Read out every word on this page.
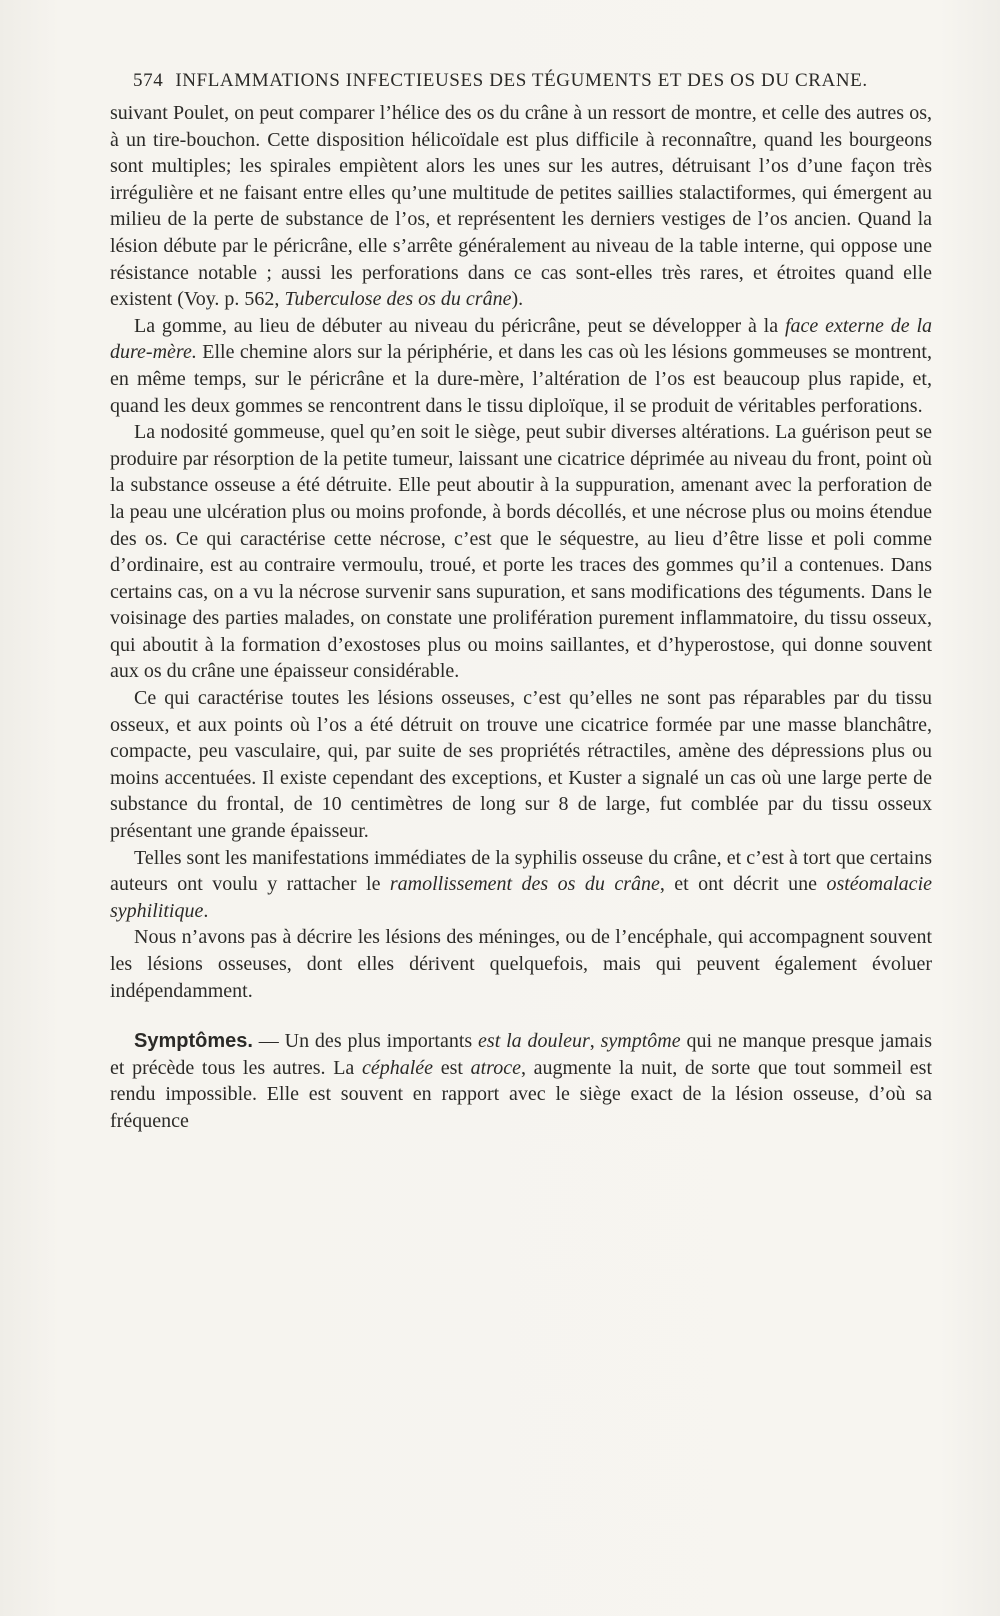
574 INFLAMMATIONS INFECTIEUSES DES TÉGUMENTS ET DES OS DU CRANE.

suivant Poulet, on peut comparer l’hélice des os du crâne à un ressort de montre, et celle des autres os, à un tire-bouchon. Cette disposition hélicoïdale est plus difficile à reconnaître, quand les bourgeons sont multiples; les spirales empiètent alors les unes sur les autres, détruisant l’os d’une façon très irrégulière et ne faisant entre elles qu’une multitude de petites saillies stalactiformes, qui émergent au milieu de la perte de substance de l’os, et représentent les derniers vestiges de l’os ancien. Quand la lésion débute par le péricrâne, elle s’arrête généralement au niveau de la table interne, qui oppose une résistance notable ; aussi les perforations dans ce cas sont-elles très rares, et étroites quand elle existent (Voy. p. 562, Tuberculose des os du crâne).

La gomme, au lieu de débuter au niveau du péricrâne, peut se développer à la face externe de la dure-mère. Elle chemine alors sur la périphérie, et dans les cas où les lésions gommeuses se montrent, en même temps, sur le péricrâne et la dure-mère, l’altération de l’os est beaucoup plus rapide, et, quand les deux gommes se rencontrent dans le tissu diploïque, il se produit de véritables perforations.

La nodosité gommeuse, quel qu’en soit le siège, peut subir diverses altérations. La guérison peut se produire par résorption de la petite tumeur, laissant une cicatrice déprimée au niveau du front, point où la substance osseuse a été détruite. Elle peut aboutir à la suppuration, amenant avec la perforation de la peau une ulcération plus ou moins profonde, à bords décollés, et une nécrose plus ou moins étendue des os. Ce qui caractérise cette nécrose, c’est que le séquestre, au lieu d’être lisse et poli comme d’ordinaire, est au contraire vermoulu, troué, et porte les traces des gommes qu’il a contenues. Dans certains cas, on a vu la nécrose survenir sans supuration, et sans modifications des téguments. Dans le voisinage des parties malades, on constate une prolifération purement inflammatoire, du tissu osseux, qui aboutit à la formation d’exostoses plus ou moins saillantes, et d’hyperostose, qui donne souvent aux os du crâne une épaisseur considérable.

Ce qui caractérise toutes les lésions osseuses, c’est qu’elles ne sont pas réparables par du tissu osseux, et aux points où l’os a été détruit on trouve une cicatrice formée par une masse blanchâtre, compacte, peu vasculaire, qui, par suite de ses propriétés rétractiles, amène des dépressions plus ou moins accentuées. Il existe cependant des exceptions, et Kuster a signalé un cas où une large perte de substance du frontal, de 10 centimètres de long sur 8 de large, fut comblée par du tissu osseux présentant une grande épaisseur.

Telles sont les manifestations immédiates de la syphilis osseuse du crâne, et c’est à tort que certains auteurs ont voulu y rattacher le ramollissement des os du crâne, et ont décrit une ostéomalacie syphilitique.

Nous n’avons pas à décrire les lésions des méninges, ou de l’encéphale, qui accompagnent souvent les lésions osseuses, dont elles dérivent quelquefois, mais qui peuvent également évoluer indépendamment.

Symptômes. — Un des plus importants est la douleur, symptôme qui ne manque presque jamais et précède tous les autres. La céphalée est atroce, augmente la nuit, de sorte que tout sommeil est rendu impossible. Elle est souvent en rapport avec le siège exact de la lésion osseuse, d’où sa fréquence
